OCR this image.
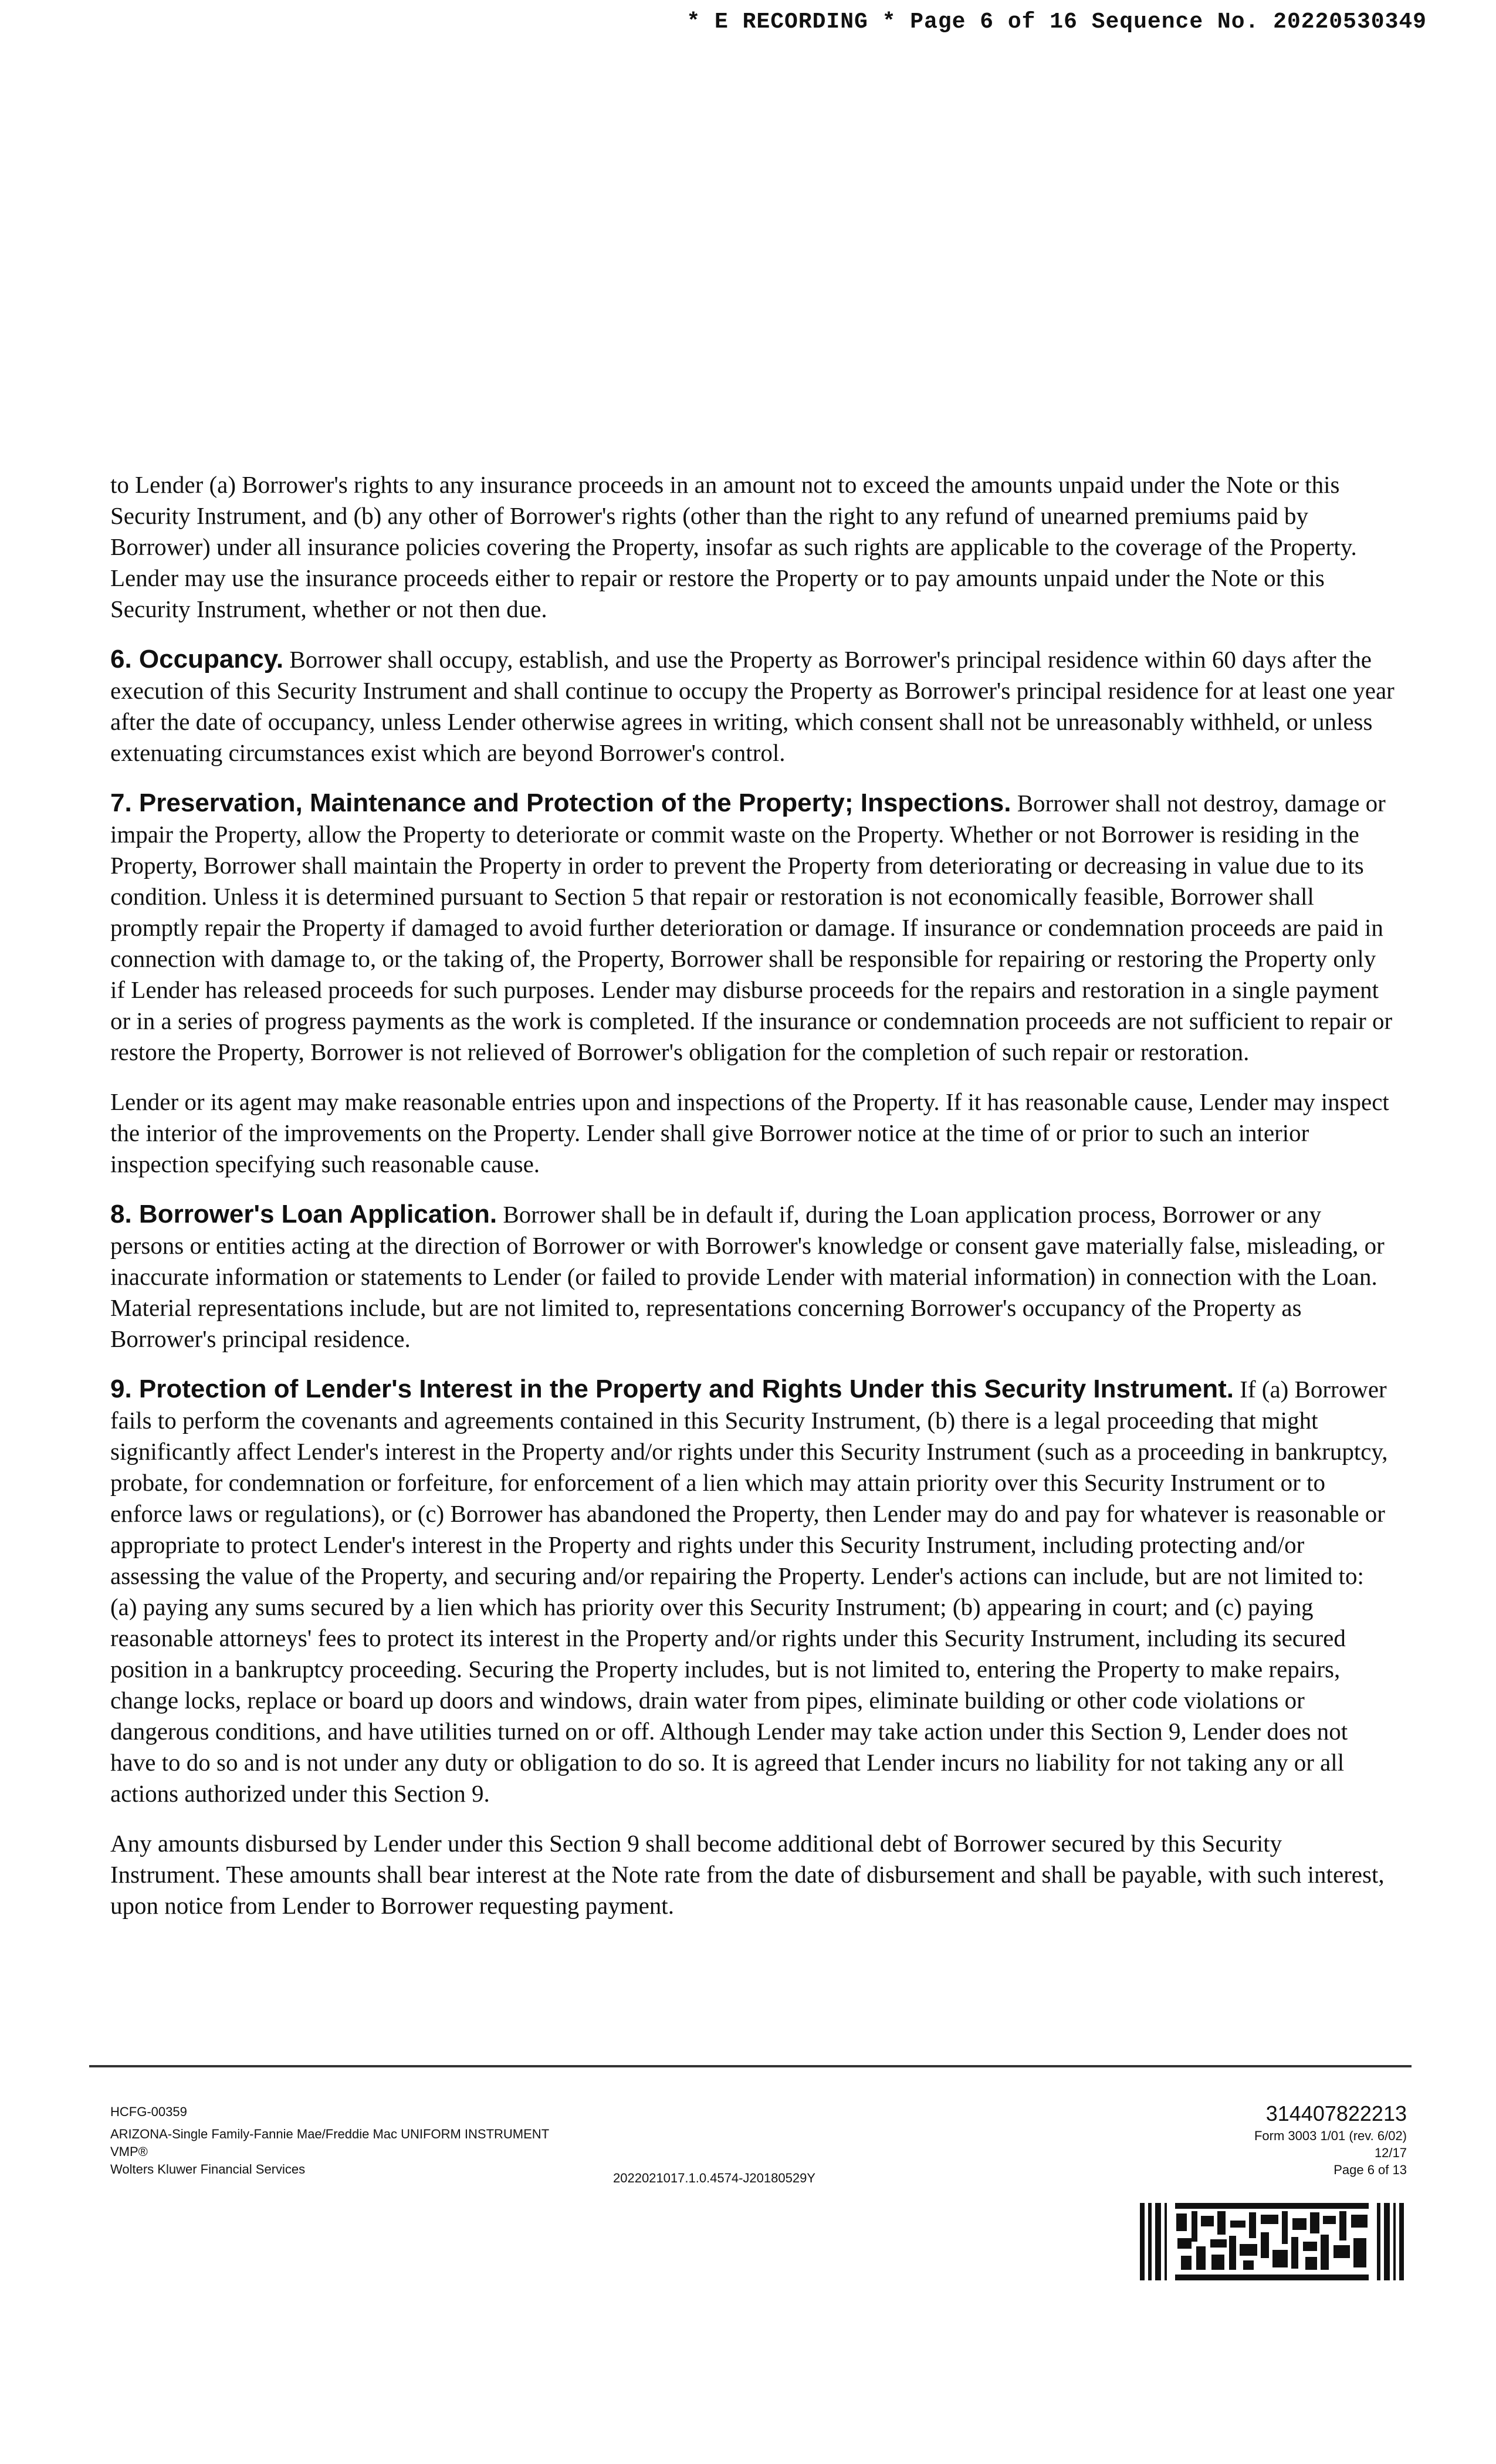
* E RECORDING * Page 6 of 16 Sequence No. 20220530349

to Lender (a) Borrower's rights to any insurance proceeds in an amount not to exceed the amounts unpaid under the Note or this Security Instrument, and (b) any other of Borrower's rights (other than the right to any refund of unearned premiums paid by Borrower) under all insurance policies covering the Property, insofar as such rights are applicable to the coverage of the Property. Lender may use the insurance proceeds either to repair or restore the Property or to pay amounts unpaid under the Note or this Security Instrument, whether or not then due.

6. Occupancy. Borrower shall occupy, establish, and use the Property as Borrower's principal residence within 60 days after the execution of this Security Instrument and shall continue to occupy the Property as Borrower's principal residence for at least one year after the date of occupancy, unless Lender otherwise agrees in writing, which consent shall not be unreasonably withheld, or unless extenuating circumstances exist which are beyond Borrower's control.

7. Preservation, Maintenance and Protection of the Property; Inspections. Borrower shall not destroy, damage or impair the Property, allow the Property to deteriorate or commit waste on the Property. Whether or not Borrower is residing in the Property, Borrower shall maintain the Property in order to prevent the Property from deteriorating or decreasing in value due to its condition. Unless it is determined pursuant to Section 5 that repair or restoration is not economically feasible, Borrower shall promptly repair the Property if damaged to avoid further deterioration or damage. If insurance or condemnation proceeds are paid in connection with damage to, or the taking of, the Property, Borrower shall be responsible for repairing or restoring the Property only if Lender has released proceeds for such purposes. Lender may disburse proceeds for the repairs and restoration in a single payment or in a series of progress payments as the work is completed. If the insurance or condemnation proceeds are not sufficient to repair or restore the Property, Borrower is not relieved of Borrower's obligation for the completion of such repair or restoration.

Lender or its agent may make reasonable entries upon and inspections of the Property. If it has reasonable cause, Lender may inspect the interior of the improvements on the Property. Lender shall give Borrower notice at the time of or prior to such an interior inspection specifying such reasonable cause.

8. Borrower's Loan Application. Borrower shall be in default if, during the Loan application process, Borrower or any persons or entities acting at the direction of Borrower or with Borrower's knowledge or consent gave materially false, misleading, or inaccurate information or statements to Lender (or failed to provide Lender with material information) in connection with the Loan. Material representations include, but are not limited to, representations concerning Borrower's occupancy of the Property as Borrower's principal residence.

9. Protection of Lender's Interest in the Property and Rights Under this Security Instrument. If (a) Borrower fails to perform the covenants and agreements contained in this Security Instrument, (b) there is a legal proceeding that might significantly affect Lender's interest in the Property and/or rights under this Security Instrument (such as a proceeding in bankruptcy, probate, for condemnation or forfeiture, for enforcement of a lien which may attain priority over this Security Instrument or to enforce laws or regulations), or (c) Borrower has abandoned the Property, then Lender may do and pay for whatever is reasonable or appropriate to protect Lender's interest in the Property and rights under this Security Instrument, including protecting and/or assessing the value of the Property, and securing and/or repairing the Property. Lender's actions can include, but are not limited to: (a) paying any sums secured by a lien which has priority over this Security Instrument; (b) appearing in court; and (c) paying reasonable attorneys' fees to protect its interest in the Property and/or rights under this Security Instrument, including its secured position in a bankruptcy proceeding. Securing the Property includes, but is not limited to, entering the Property to make repairs, change locks, replace or board up doors and windows, drain water from pipes, eliminate building or other code violations or dangerous conditions, and have utilities turned on or off. Although Lender may take action under this Section 9, Lender does not have to do so and is not under any duty or obligation to do so. It is agreed that Lender incurs no liability for not taking any or all actions authorized under this Section 9.

Any amounts disbursed by Lender under this Section 9 shall become additional debt of Borrower secured by this Security Instrument. These amounts shall bear interest at the Note rate from the date of disbursement and shall be payable, with such interest, upon notice from Lender to Borrower requesting payment.

HCFG-00359
ARIZONA-Single Family-Fannie Mae/Freddie Mac UNIFORM INSTRUMENT
VMP®
Wolters Kluwer Financial Services
2022021017.1.0.4574-J20180529Y
314407822213
Form 3003 1/01 (rev. 6/02)
12/17
Page 6 of 13
